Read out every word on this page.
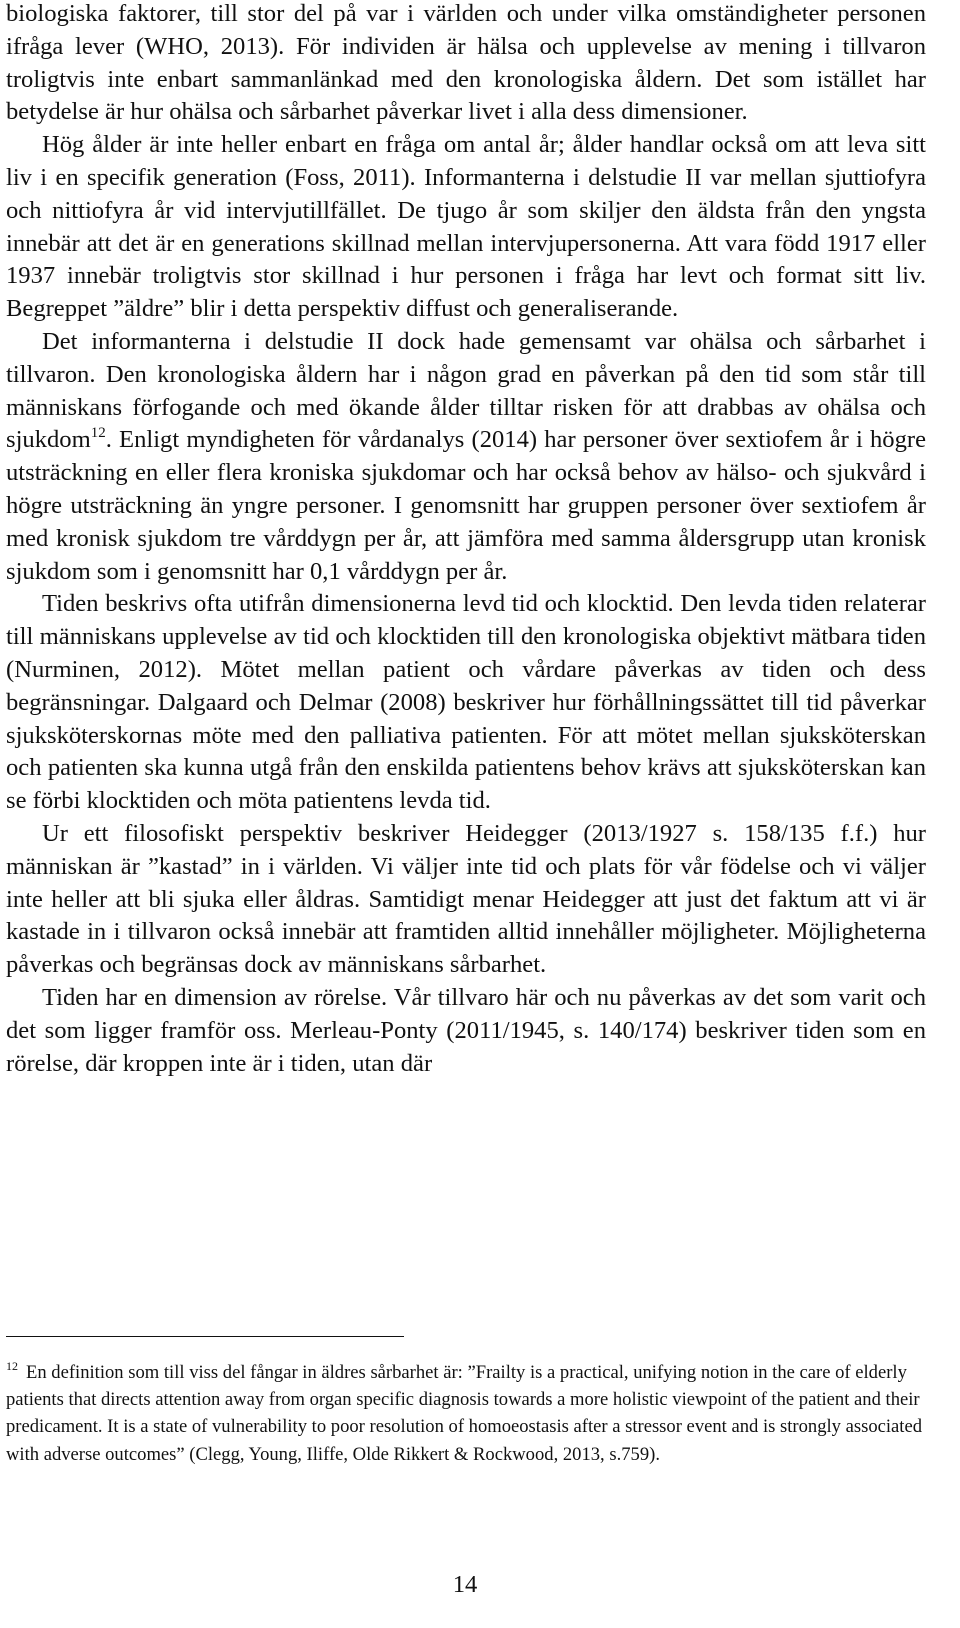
biologiska faktorer, till stor del på var i världen och under vilka omständigheter personen ifråga lever (WHO, 2013). För individen är hälsa och upplevelse av mening i tillvaron troligtvis inte enbart sammanlänkad med den kronologiska åldern. Det som istället har betydelse är hur ohälsa och sårbarhet påverkar livet i alla dess dimensioner.

Hög ålder är inte heller enbart en fråga om antal år; ålder handlar också om att leva sitt liv i en specifik generation (Foss, 2011). Informanterna i delstudie II var mellan sjuttiofyra och nittiofyra år vid intervjutillfället. De tjugo år som skiljer den äldsta från den yngsta innebär att det är en generations skillnad mellan intervjupersonerna. Att vara född 1917 eller 1937 innebär troligtvis stor skillnad i hur personen i fråga har levt och format sitt liv. Begreppet ”äldre” blir i detta perspektiv diffust och generaliserande.

Det informanterna i delstudie II dock hade gemensamt var ohälsa och sårbarhet i tillvaron. Den kronologiska åldern har i någon grad en påverkan på den tid som står till människans förfogande och med ökande ålder tilltar risken för att drabbas av ohälsa och sjukdom$^{12}$. Enligt myndigheten för vårdanalys (2014) har personer över sextiofem år i högre utsträckning en eller flera kroniska sjukdomar och har också behov av hälso- och sjukvård i högre utsträckning än yngre personer. I genomsnitt har gruppen personer över sextiofem år med kronisk sjukdom tre vårddygn per år, att jämföra med samma åldersgrupp utan kronisk sjukdom som i genomsnitt har 0,1 vårddygn per år.

Tiden beskrivs ofta utifrån dimensionerna levd tid och klocktid. Den levda tiden relaterar till människans upplevelse av tid och klocktiden till den kronologiska objektivt mätbara tiden (Nurminen, 2012). Mötet mellan patient och vårdare påverkas av tiden och dess begränsningar. Dalgaard och Delmar (2008) beskriver hur förhållningssättet till tid påverkar sjuksköterskornas möte med den palliativa patienten. För att mötet mellan sjuksköterskan och patienten ska kunna utgå från den enskilda patientens behov krävs att sjuksköterskan kan se förbi klocktiden och möta patientens levda tid.

Ur ett filosofiskt perspektiv beskriver Heidegger (2013/1927 s. 158/135 f.f.) hur människan är ”kastad” in i världen. Vi väljer inte tid och plats för vår födelse och vi väljer inte heller att bli sjuka eller åldras. Samtidigt menar Heidegger att just det faktum att vi är kastade in i tillvaron också innebär att framtiden alltid innehåller möjligheter. Möjligheterna påverkas och begränsas dock av människans sårbarhet.

Tiden har en dimension av rörelse. Vår tillvaro här och nu påverkas av det som varit och det som ligger framför oss. Merleau-Ponty (2011/1945, s. 140/174) beskriver tiden som en rörelse, där kroppen inte är i tiden, utan där

$^{12}$ En definition som till viss del fångar in äldres sårbarhet är: ”Frailty is a practical, unifying notion in the care of elderly patients that directs attention away from organ specific diagnosis towards a more holistic viewpoint of the patient and their predicament. It is a state of vulnerability to poor resolution of homoeostasis after a stressor event and is strongly associated with adverse outcomes” (Clegg, Young, Iliffe, Olde Rikkert & Rockwood, 2013, s.759).

14
